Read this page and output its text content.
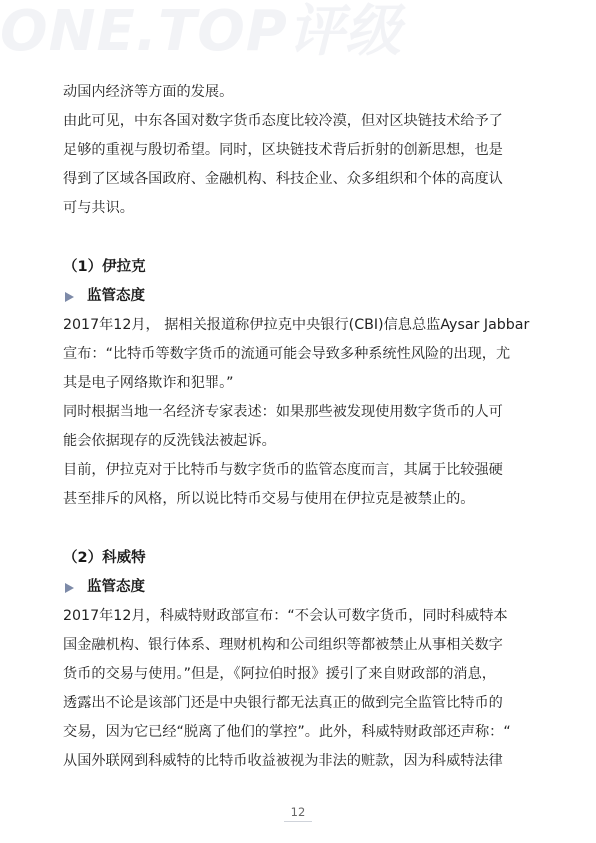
ONE.TOP评级

动国内经济等方面的发展。

由此可见，中东各国对数字货币态度比较冷漠，但对区块链技术给予了

足够的重视与殷切希望。同时，区块链技术背后折射的创新思想，也是

得到了区域各国政府、金融机构、科技企业、众多组织和个体的高度认

可与共识。

（1）伊拉克
监管态度

2017年12月， 据相关报道称伊拉克中央银行(CBI)信息总监Aysar Jabbar

宣布：“比特币等数字货币的流通可能会导致多种系统性风险的出现，尤

其是电子网络欺诈和犯罪。”

同时根据当地一名经济专家表述：如果那些被发现使用数字货币的人可

能会依据现存的反洗钱法被起诉。

目前，伊拉克对于比特币与数字货币的监管态度而言，其属于比较强硬

甚至排斥的风格，所以说比特币交易与使用在伊拉克是被禁止的。

（2）科威特
监管态度

2017年12月，科威特财政部宣布：“不会认可数字货币，同时科威特本

国金融机构、银行体系、理财机构和公司组织等都被禁止从事相关数字

货币的交易与使用。”但是，《阿拉伯时报》援引了来自财政部的消息，

透露出不论是该部门还是中央银行都无法真正的做到完全监管比特币的

交易，因为它已经“脱离了他们的掌控”。此外，科威特财政部还声称：“

从国外联网到科威特的比特币收益被视为非法的赃款，因为科威特法律

12
